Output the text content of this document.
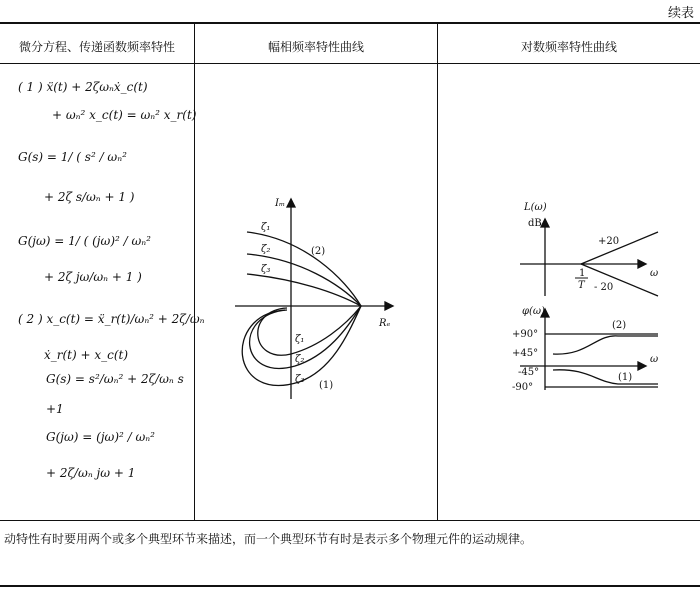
续表
微分方程、传递函数频率特性	幅相频率特性曲线	对数频率特性曲线
( 1 ) ẍ(t) + 2ζωₙẋ_c(t)
+ ωₙ² x_c(t) = ωₙ² x_r(t)
G(s) = 1/ ( s² / ωₙ²
+ 2ζ s/ωₙ + 1 )
G(jω) = 1/ ( (jω)² / ωₙ²
+ 2ζ jω/ωₙ + 1 )
( 2 ) x_c(t) = ẍ_r(t)/ωₙ² + 2ζ/ωₙ
ẋ_r(t) + x_c(t)
G(s) = s²/ωₙ² + 2ζ/ωₙ s
+1
G(jω) = (jω)² / ωₙ²
+ 2ζ/ωₙ jω + 1
Iₘ
Rₑ
ζ₁
ζ₂
ζ₃
(2)
ζ₁
ζ₂
ζ₃
(1)
L(ω)
dB
+20
- 20
1
T
ω
φ(ω)
+90°
+45°
-45°
-90°
(2)
(1)
ω
动特性有时要用两个或多个典型环节来描述，而一个典型环节有时是表示多个物理元件的运动规律。
